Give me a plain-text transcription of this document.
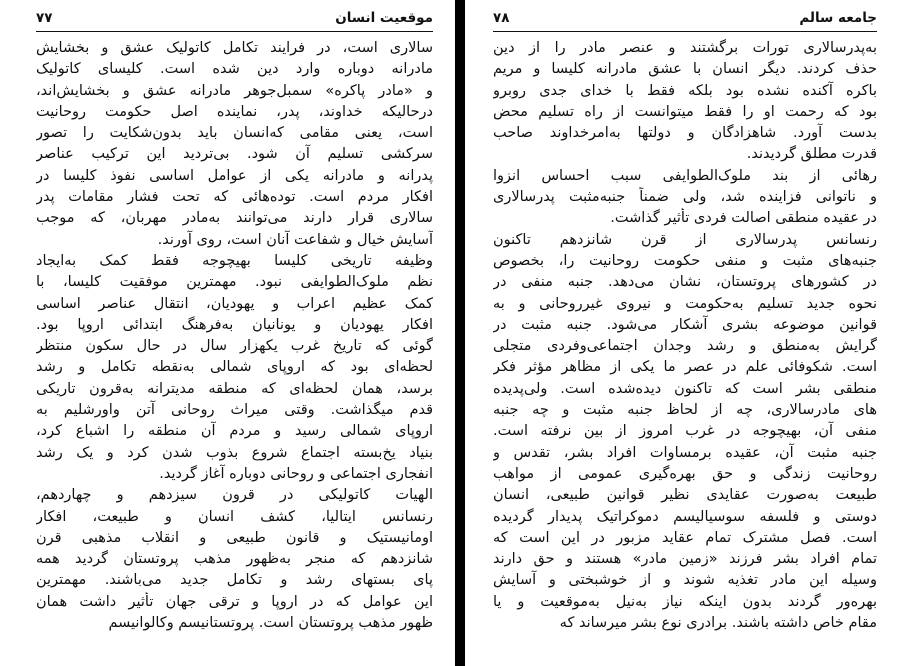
۷۷	موقعیت انسان
سالاری است، در فرایند تکامل کاتولیک عشق و بخشایش
مادرانه دوباره وارد دین شده است. کلیسای کاتولیک
و «مادر پاکره» سمبل‌جوهر مادرانه عشق و بخشایش‌اند،
درحالیکه خداوند، پدر، نماینده اصل حکومت روحانیت
است، یعنی مقامی که‌انسان باید بدون‌شکایت را تصور
سرکشی تسلیم آن شود. بی‌تردید این ترکیب عناصر
پدرانه و مادرانه یکی از عوامل اساسی نفوذ کلیسا در
افکار مردم است. توده‌هائی که تحت فشار مقامات پدر
سالاری قرار دارند می‌توانند به‌مادر مهربان، که موجب
آسایش خیال و شفاعت آنان است، روی آورند.
وظیفه تاریخی کلیسا بهیچوجه فقط کمک به‌ایجاد
نظم ملوک‌الطوایفی نبود. مهمترین موفقیت کلیسا، با
کمک عظیم اعراب و یهودیان، انتقال عناصر اساسی
افکار یهودیان و یونانیان به‌فرهنگ ابتدائی اروپا بود.
گوئی که تاریخ غرب یکهزار سال در حال سکون منتظر
لحظه‌ای بود که اروپای شمالی به‌نقطه تکامل و رشد
برسد، همان لحظه‌ای که منطقه مدیترانه به‌قرون تاریکی
قدم میگذاشت. وقتی میراث روحانی آتن واورشلیم به
اروپای شمالی رسید و مردم آن منطقه را اشباع کرد،
بنیاد یخ‌بسته اجتماع شروع بذوب شدن کرد و یک رشد
انفجاری اجتماعی و روحانی دوباره آغاز گردید.
الهیات کاتولیکی در قرون سیزدهم و چهاردهم،
رنسانس ایتالیا، کشف انسان و طبیعت، افکار
اومانیستیک و قانون طبیعی و انقلاب مذهبی قرن
شانزدهم که منجر به‌ظهور مذهب پروتستان گردید همه
پای بستهای رشد و تکامل جدید می‌باشند. مهمترین
این عوامل که در اروپا و ترقی جهان تأثیر داشت همان
ظهور مذهب پروتستان است. پروتستانیسم وکالوانیسم
۷۸	جامعه سالم
به‌پدرسالاری تورات برگشتند و عنصر مادر را از دین
حذف کردند. دیگر انسان با عشق مادرانه کلیسا و مریم
باکره آکنده نشده بود بلکه فقط با خدای جدی روبرو
بود که رحمت او را فقط میتوانست از راه تسلیم محض
بدست آورد. شاهزادگان و دولتها به‌امرخداوند صاحب
قدرت مطلق گردیدند.
رهائی از بند ملوک‌الطوایفی سبب احساس انزوا
و ناتوانی فزاینده شد، ولی ضمناً جنبه‌مثبت پدرسالاری
در عقیده منطقی اصالت فردی تأثیر گذاشت.
رنسانس پدرسالاری از قرن شانزدهم تاکنون
جنبه‌های مثبت و منفی حکومت روحانیت را، بخصوص
در کشورهای پروتستان، نشان می‌دهد. جنبه منفی در
نحوه جدید تسلیم به‌حکومت و نیروی غیرروحانی و به
قوانین موضوعه بشری آشکار می‌شود. جنبه مثبت در
گرایش به‌منطق و رشد وجدان اجتماعی‌وفردی متجلی
است. شکوفائی علم در عصر ما یکی از مظاهر مؤثر فکر
منطقی بشر است که تاکنون دیده‌شده است. ولی‌پدیده‌
های مادرسالاری، چه از لحاظ جنبه مثبت و چه جنبه
منفی آن، بهیچوجه در غرب امروز از بین نرفته است.
جنبه مثبت آن، عقیده برمساوات افراد بشر، تقدس و
روحانیت زندگی و حق بهره‌گیری عمومی از مواهب
طبیعت به‌صورت عقایدی نظیر قوانین طبیعی، انسان
دوستی و فلسفه سوسیالیسم دموکراتیک پدیدار گردیده
است. فصل مشترک تمام عقاید مزبور در این است که
تمام افراد بشر فرزند «زمین مادر» هستند و حق دارند
وسیله این مادر تغذیه شوند و از خوشبختی و آسایش
بهره‌ور گردند بدون اینکه نیاز به‌نیل به‌موقعیت و یا
مقام خاص داشته باشند. برادری نوع بشر میرساند که
